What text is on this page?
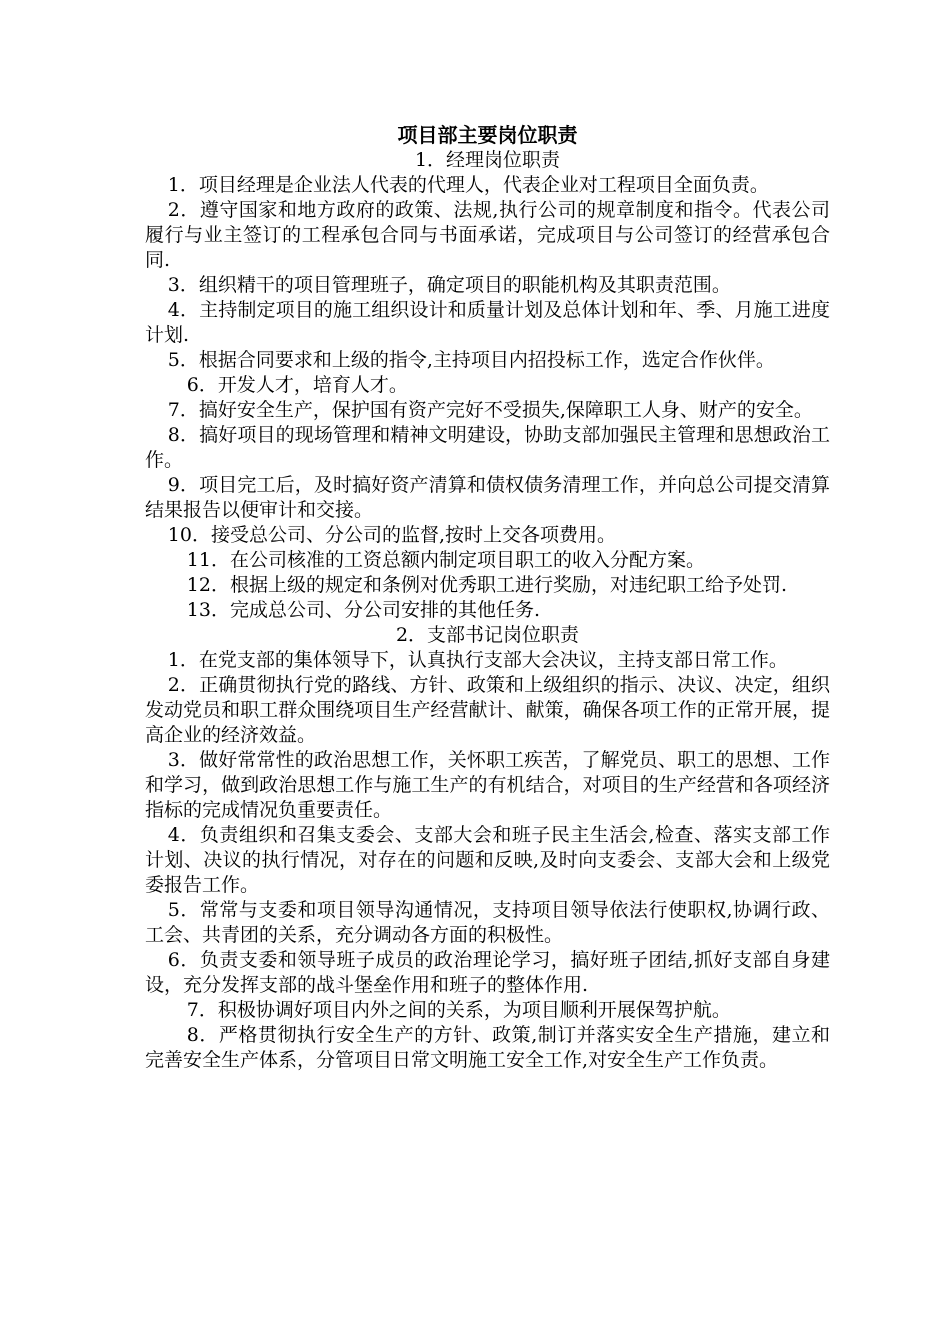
项目部主要岗位职责

1．经理岗位职责

1．项目经理是企业法人代表的代理人，代表企业对工程项目全面负责。

2．遵守国家和地方政府的政策、法规,执行公司的规章制度和指令。代表公司履行与业主签订的工程承包合同与书面承诺，完成项目与公司签订的经营承包合同.

3．组织精干的项目管理班子，确定项目的职能机构及其职责范围。

4．主持制定项目的施工组织设计和质量计划及总体计划和年、季、月施工进度计划.

5．根据合同要求和上级的指令,主持项目内招投标工作，选定合作伙伴。

6．开发人才，培育人才。

7．搞好安全生产，保护国有资产完好不受损失,保障职工人身、财产的安全。

8．搞好项目的现场管理和精神文明建设，协助支部加强民主管理和思想政治工作。

9．项目完工后，及时搞好资产清算和债权债务清理工作，并向总公司提交清算结果报告以便审计和交接。

10．接受总公司、分公司的监督,按时上交各项费用。

11．在公司核准的工资总额内制定项目职工的收入分配方案。

12．根据上级的规定和条例对优秀职工进行奖励，对违纪职工给予处罚.

13．完成总公司、分公司安排的其他任务.

2．支部书记岗位职责

1．在党支部的集体领导下，认真执行支部大会决议，主持支部日常工作。

2．正确贯彻执行党的路线、方针、政策和上级组织的指示、决议、决定，组织发动党员和职工群众围绕项目生产经营献计、献策，确保各项工作的正常开展，提高企业的经济效益。

3．做好常常性的政治思想工作，关怀职工疾苦，了解党员、职工的思想、工作和学习，做到政治思想工作与施工生产的有机结合，对项目的生产经营和各项经济指标的完成情况负重要责任。

4．负责组织和召集支委会、支部大会和班子民主生活会,检查、落实支部工作计划、决议的执行情况，对存在的问题和反映,及时向支委会、支部大会和上级党委报告工作。

5．常常与支委和项目领导沟通情况，支持项目领导依法行使职权,协调行政、工会、共青团的关系，充分调动各方面的积极性。

6．负责支委和领导班子成员的政治理论学习，搞好班子团结,抓好支部自身建设，充分发挥支部的战斗堡垒作用和班子的整体作用.

7．积极协调好项目内外之间的关系，为项目顺利开展保驾护航。

8．严格贯彻执行安全生产的方针、政策,制订并落实安全生产措施，建立和完善安全生产体系，分管项目日常文明施工安全工作,对安全生产工作负责。
